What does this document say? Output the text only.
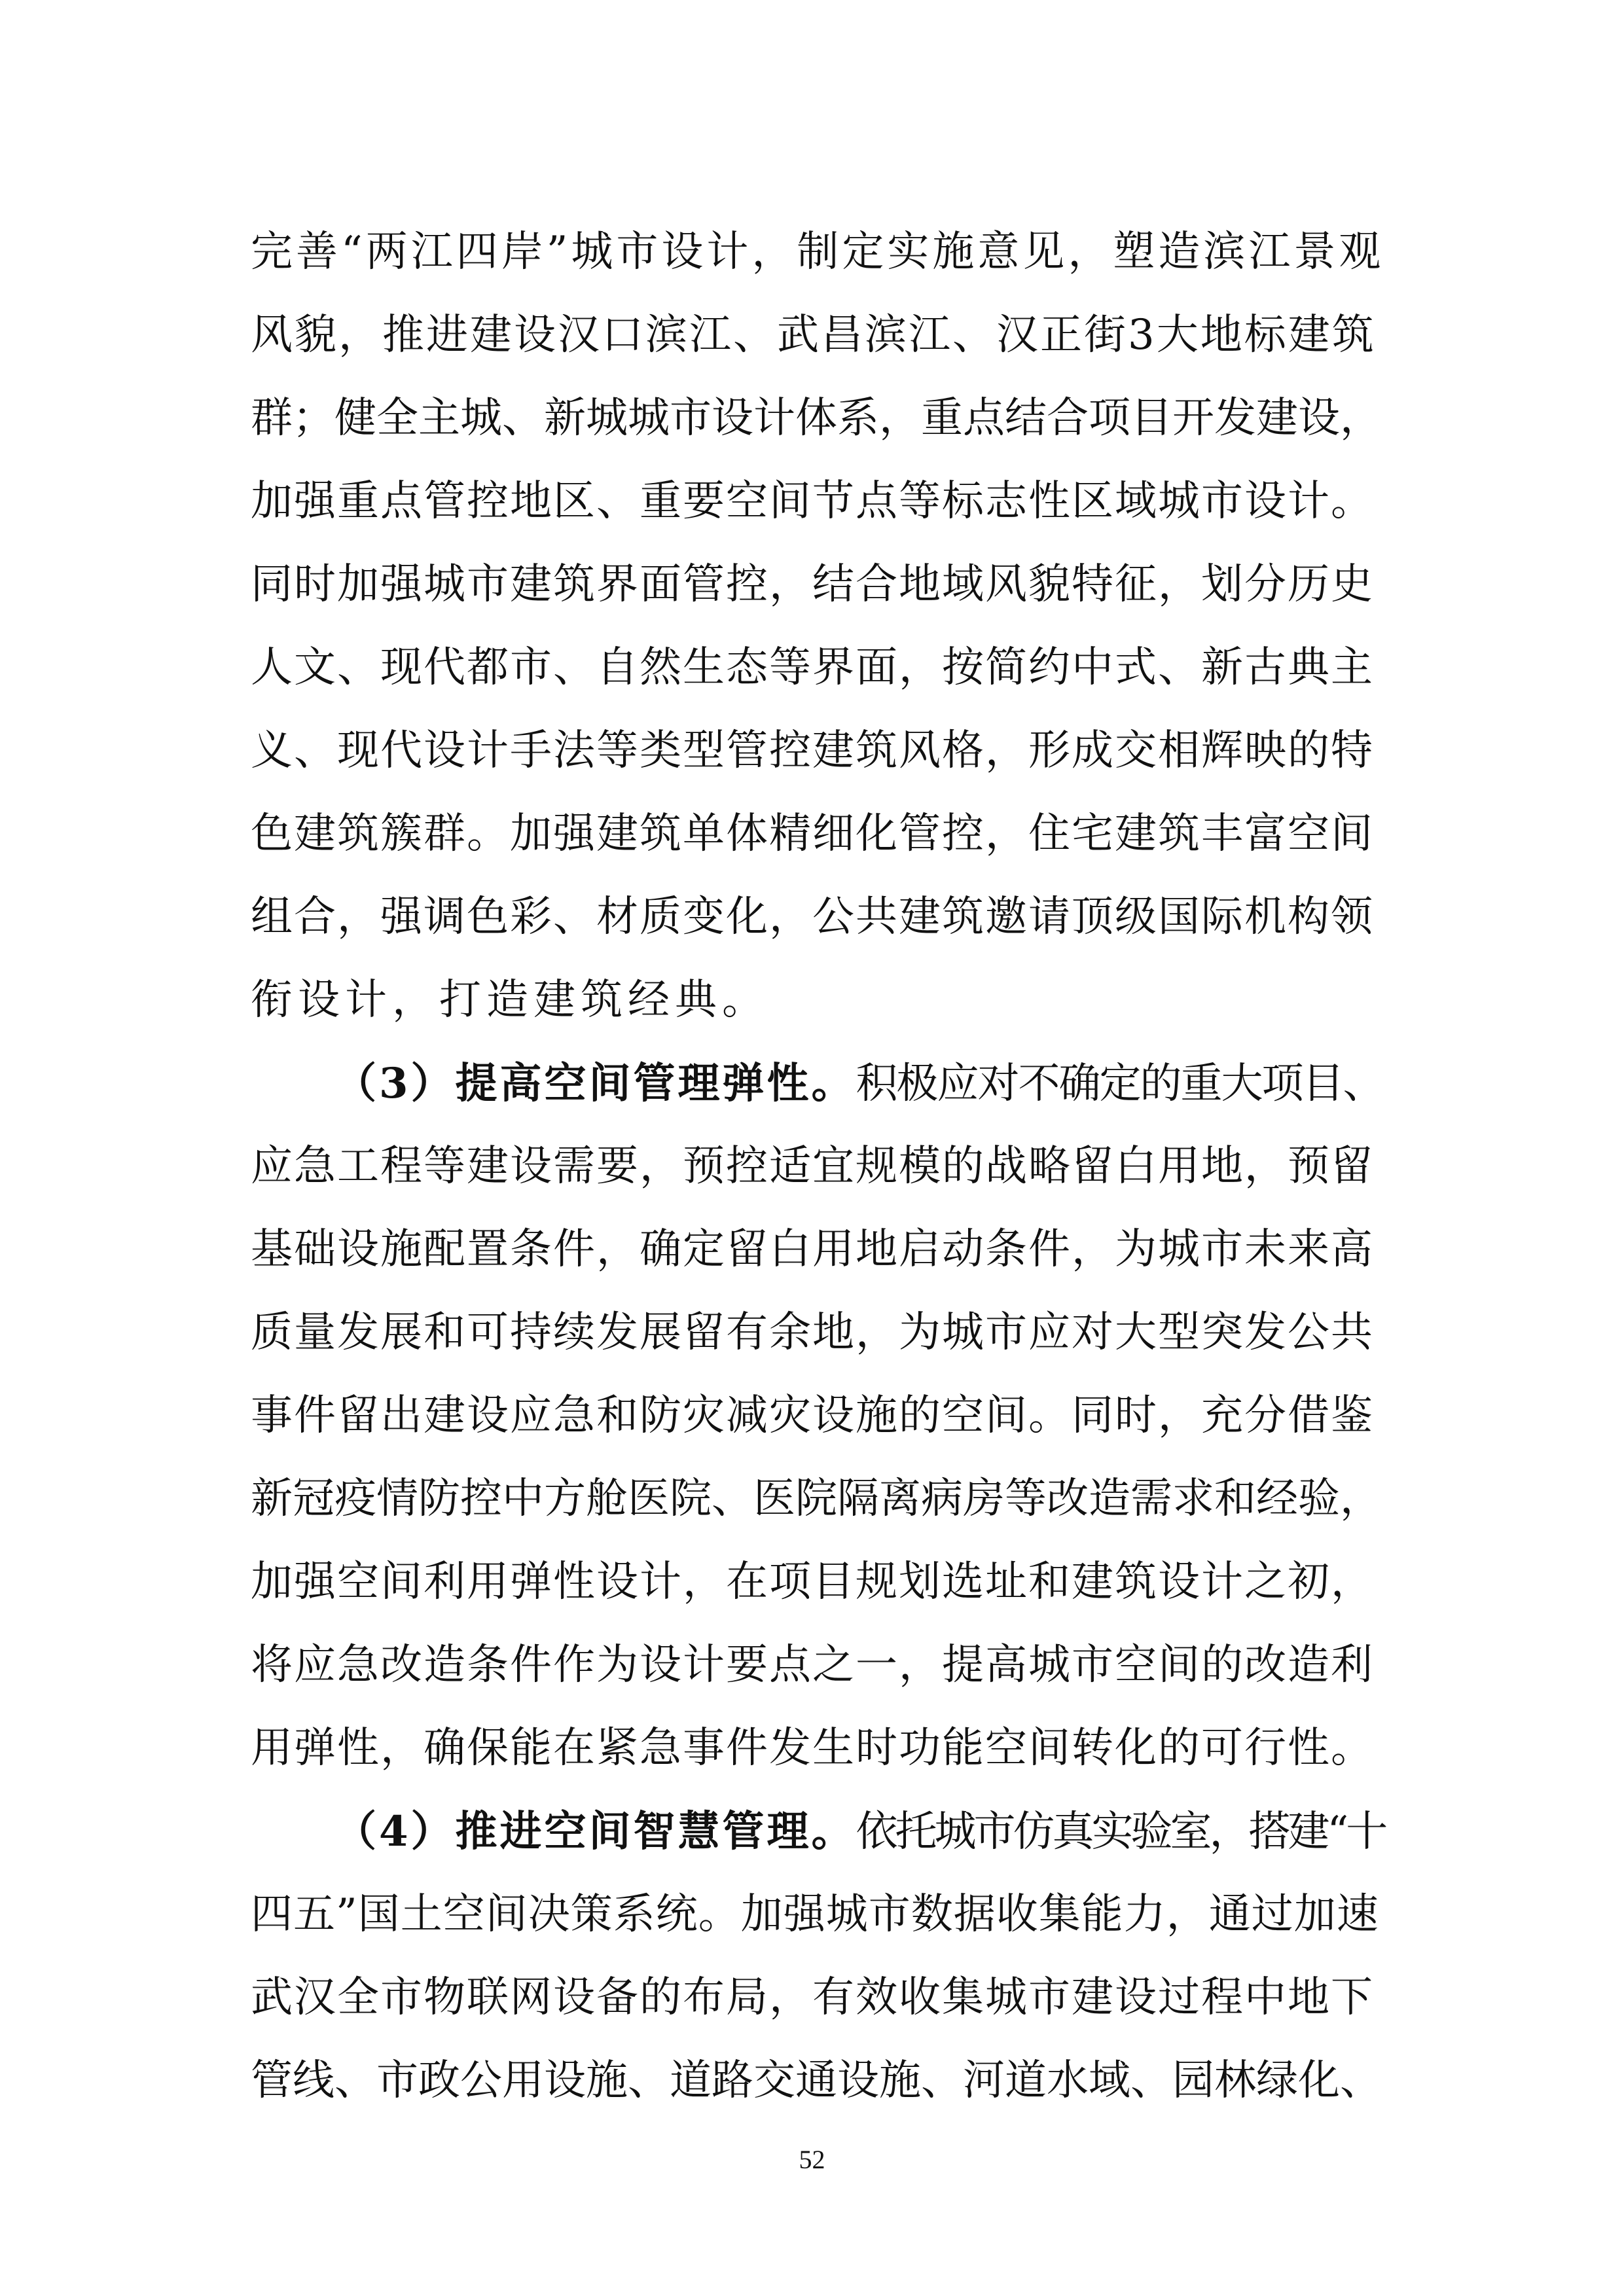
完善“两江四岸”城市设计，制定实施意见，塑造滨江景观
风貌，推进建设汉口滨江、武昌滨江、汉正街3大地标建筑
群；健全主城、新城城市设计体系，重点结合项目开发建设，
加强重点管控地区、重要空间节点等标志性区域城市设计。
同时加强城市建筑界面管控，结合地域风貌特征，划分历史
人文、现代都市、自然生态等界面，按简约中式、新古典主
义、现代设计手法等类型管控建筑风格，形成交相辉映的特
色建筑簇群。加强建筑单体精细化管控，住宅建筑丰富空间
组合，强调色彩、材质变化，公共建筑邀请顶级国际机构领
衔设计，打造建筑经典。
（3）提高空间管理弹性。积极应对不确定的重大项目、
应急工程等建设需要，预控适宜规模的战略留白用地，预留
基础设施配置条件，确定留白用地启动条件，为城市未来高
质量发展和可持续发展留有余地，为城市应对大型突发公共
事件留出建设应急和防灾减灾设施的空间。同时，充分借鉴
新冠疫情防控中方舱医院、医院隔离病房等改造需求和经验，
加强空间利用弹性设计，在项目规划选址和建筑设计之初，
将应急改造条件作为设计要点之一，提高城市空间的改造利
用弹性，确保能在紧急事件发生时功能空间转化的可行性。
（4）推进空间智慧管理。依托城市仿真实验室，搭建“十
四五”国土空间决策系统。加强城市数据收集能力，通过加速
武汉全市物联网设备的布局，有效收集城市建设过程中地下
管线、市政公用设施、道路交通设施、河道水域、园林绿化、
52
